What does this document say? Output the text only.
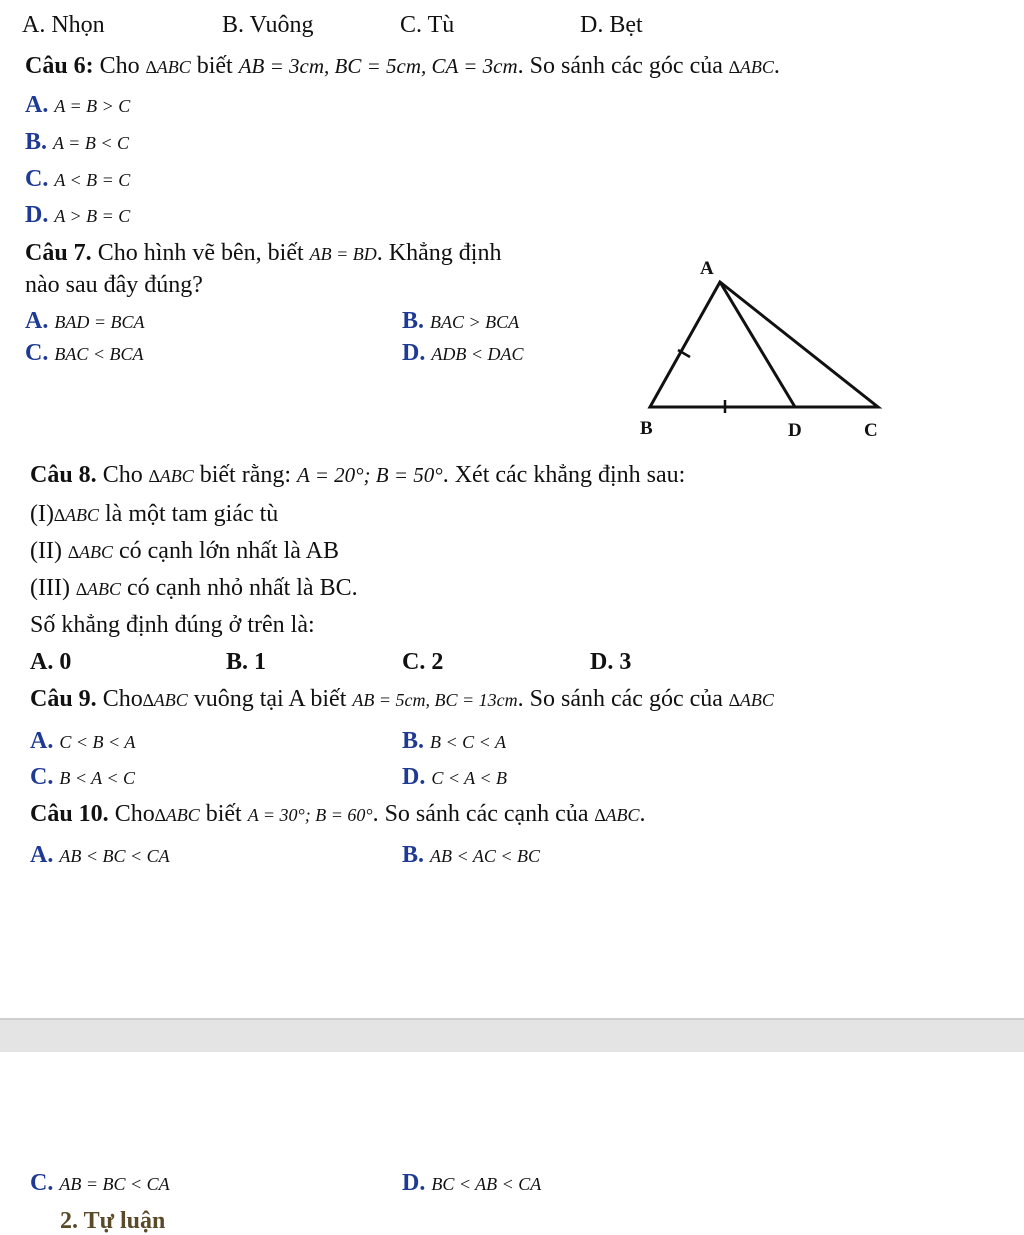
A. Nhọn	B. Vuông	C. Tù	D. Bẹt
Câu 6: Cho ∆ABC biết AB = 3cm, BC = 5cm, CA = 3cm. So sánh các góc của ∆ABC.
A. A = B > C
B. A = B < C
C. A < B = C
D. A > B = C
Câu 7. Cho hình vẽ bên, biết AB = BD. Khẳng định
nào sau đây đúng?
A. BAD = BCA	B. BAC > BCA
C. BAC < BCA	D. ADB < DAC
A
B	D	C
Câu 8. Cho ∆ABC biết rằng: A = 20°; B = 50°. Xét các khẳng định sau:
(I)∆ABC là một tam giác tù
(II) ∆ABC có cạnh lớn nhất là AB
(III) ∆ABC có cạnh nhỏ nhất là BC.
Số khẳng định đúng ở trên là:
A. 0	B. 1	C. 2	D. 3
Câu 9. Cho∆ABC vuông tại A biết AB = 5cm, BC = 13cm. So sánh các góc của ∆ABC
A. C < B < A	B. B < C < A
C. B < A < C	D. C < A < B
Câu 10. Cho∆ABC biết A = 30°; B = 60°. So sánh các cạnh của ∆ABC.
A. AB < BC < CA	B. AB < AC < BC
C. AB = BC < CA	D. BC < AB < CA
2. Tự luận
